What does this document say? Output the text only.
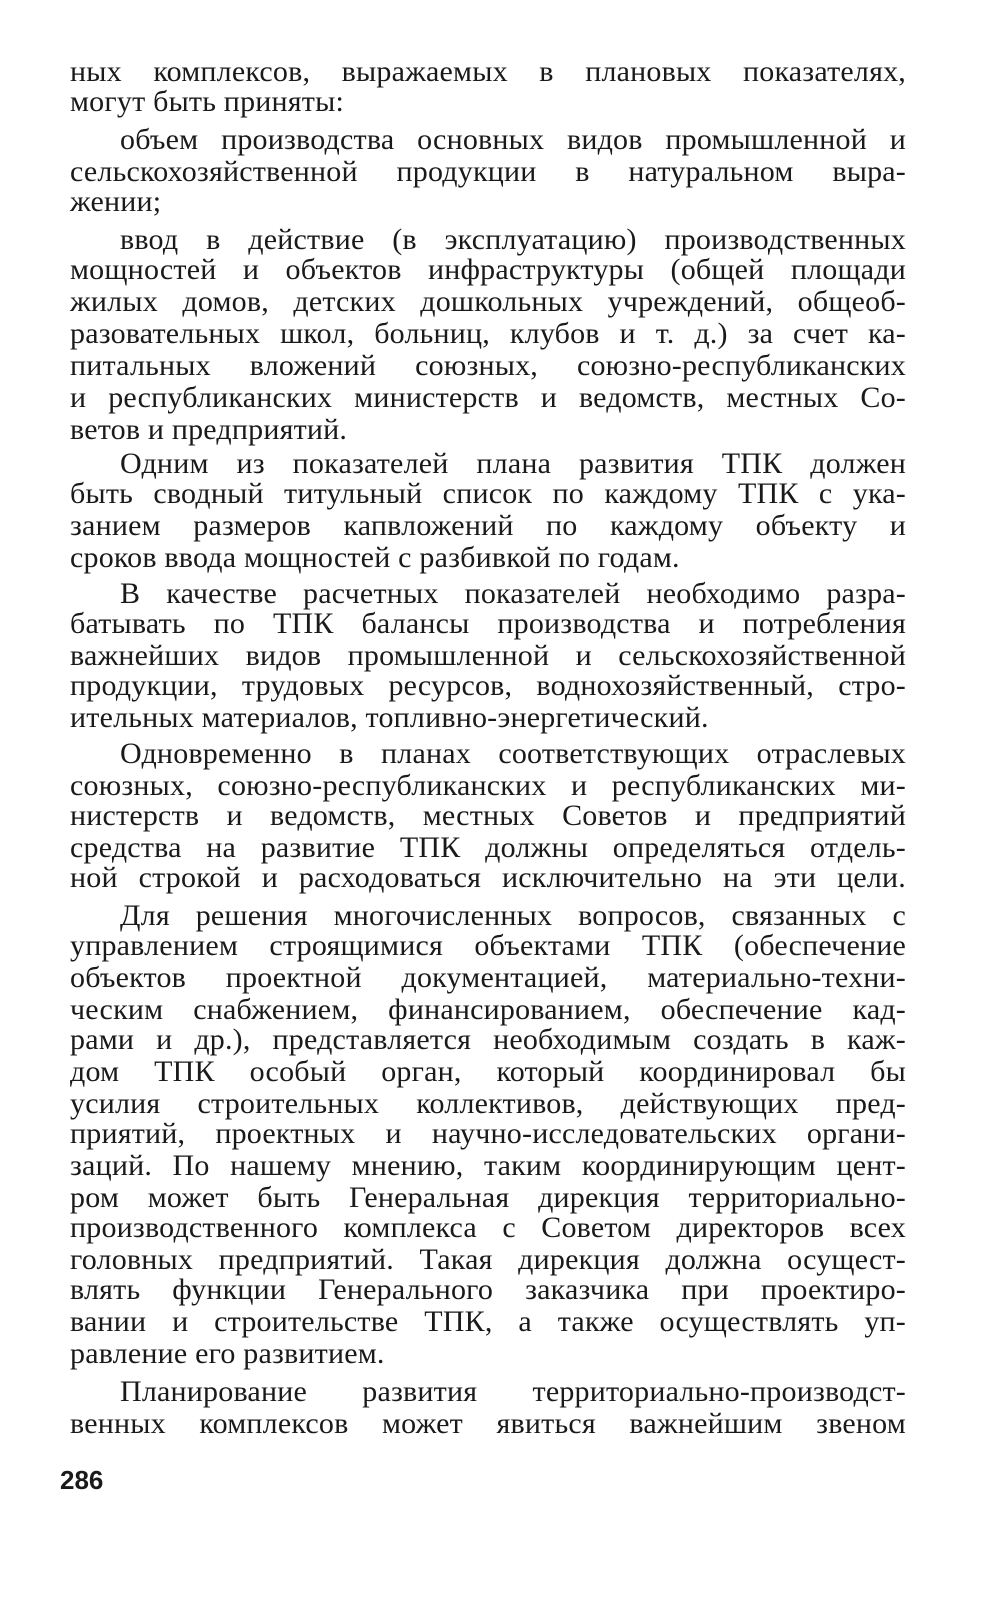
ных комплексов, выражаемых в плановых показателях,
могут быть приняты:
объем производства основных видов промышленной и
сельскохозяйственной продукции в натуральном выра-
жении;
ввод в действие (в эксплуатацию) производственных
мощностей и объектов инфраструктуры (общей площади
жилых домов, детских дошкольных учреждений, общеоб-
разовательных школ, больниц, клубов и т. д.) за счет ка-
питальных вложений союзных, союзно-республиканских
и республиканских министерств и ведомств, местных Со-
ветов и предприятий.
Одним из показателей плана развития ТПК должен
быть сводный титульный список по каждому ТПК с ука-
занием размеров капвложений по каждому объекту и
сроков ввода мощностей с разбивкой по годам.
В качестве расчетных показателей необходимо разра-
батывать по ТПК балансы производства и потребления
важнейших видов промышленной и сельскохозяйственной
продукции, трудовых ресурсов, воднохозяйственный, стро-
ительных материалов, топливно-энергетический.
Одновременно в планах соответствующих отраслевых
союзных, союзно-республиканских и республиканских ми-
нистерств и ведомств, местных Советов и предприятий
средства на развитие ТПК должны определяться отдель-
ной строкой и расходоваться исключительно на эти цели.
Для решения многочисленных вопросов, связанных с
управлением строящимися объектами ТПК (обеспечение
объектов проектной документацией, материально-техни-
ческим снабжением, финансированием, обеспечение кад-
рами и др.), представляется необходимым создать в каж-
дом ТПК особый орган, который координировал бы
усилия строительных коллективов, действующих пред-
приятий, проектных и научно-исследовательских органи-
заций. По нашему мнению, таким координирующим цент-
ром может быть Генеральная дирекция территориально-
производственного комплекса с Советом директоров всех
головных предприятий. Такая дирекция должна осущест-
влять функции Генерального заказчика при проектиро-
вании и строительстве ТПК, а также осуществлять уп-
равление его развитием.
Планирование развития территориально-производст-
венных комплексов может явиться важнейшим звеном
286
